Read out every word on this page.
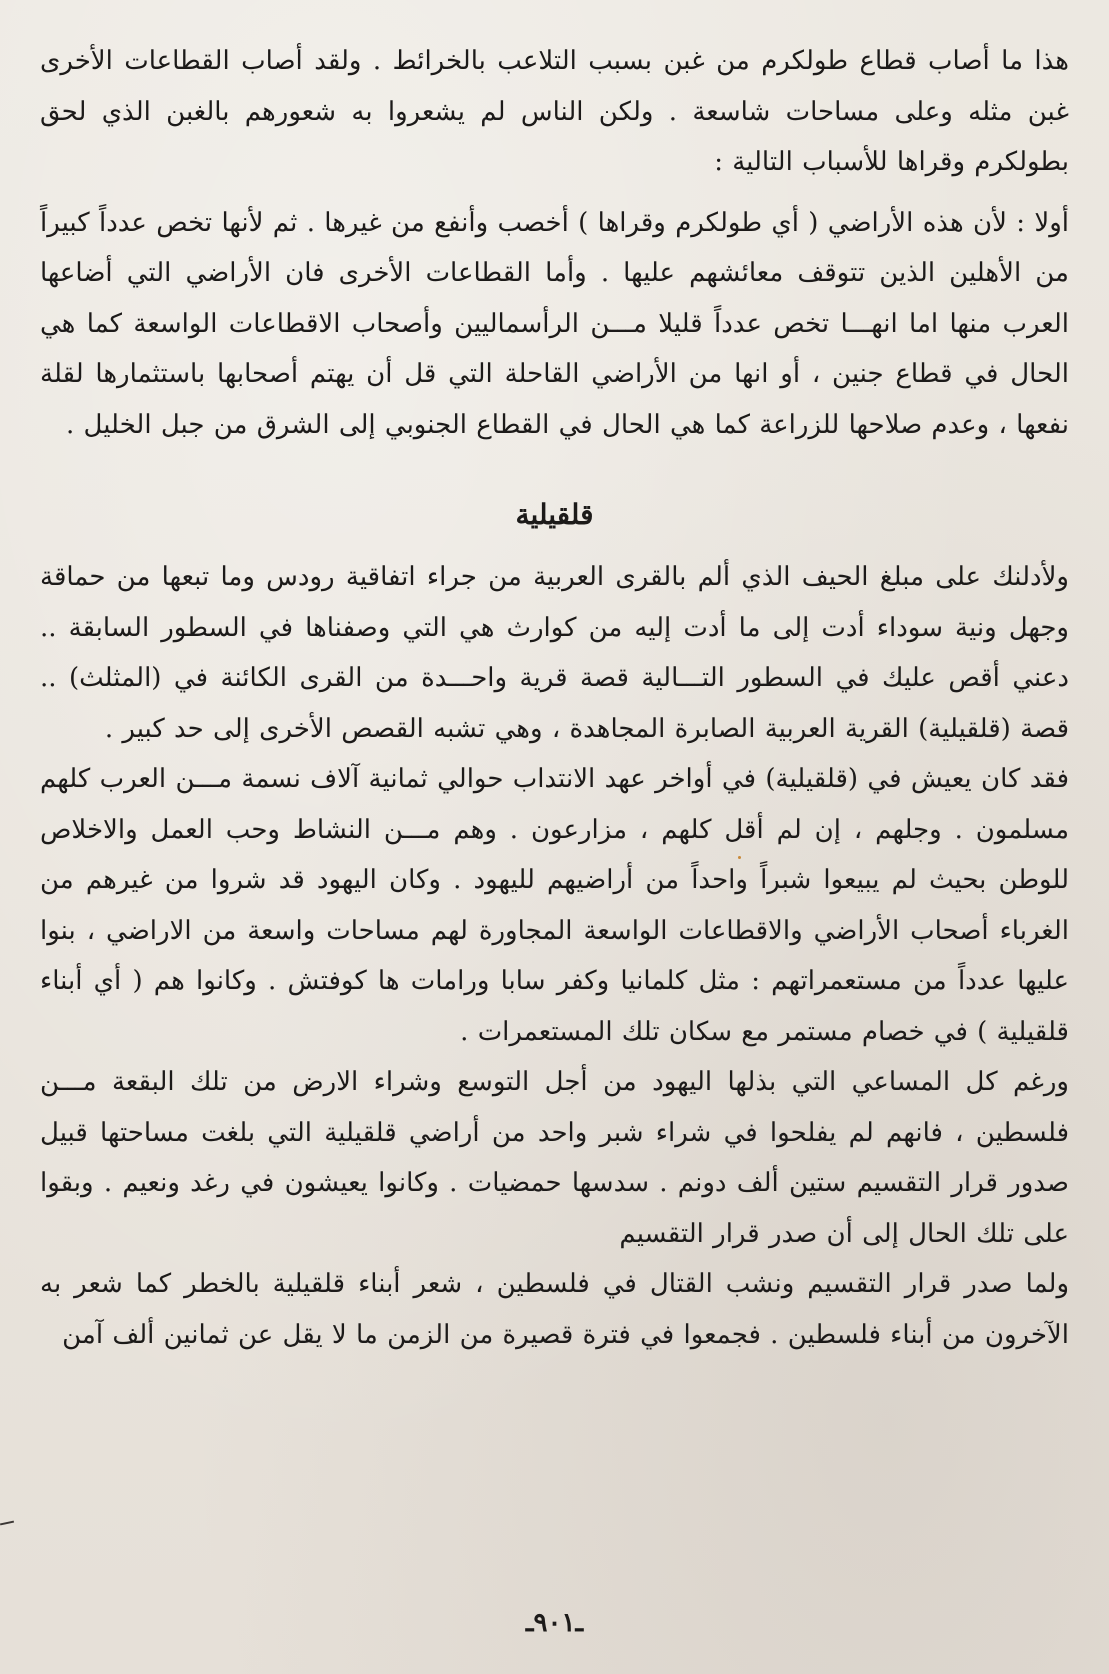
هذا ما أصاب قطاع طولكرم من غبن بسبب التلاعب بالخرائط . ولقد أصاب القطاعات الأخرى غبن مثله وعلى مساحات شاسعة . ولكن الناس لم يشعروا به شعورهم بالغبن الذي لحق بطولكرم وقراها للأسباب التالية :

أولا : لأن هذه الأراضي ( أي طولكرم وقراها ) أخصب وأنفع من غيرها . ثم لأنها تخص عدداً كبيراً من الأهلين الذين تتوقف معائشهم عليها . وأما القطاعات الأخرى فان الأراضي التي أضاعها العرب منها اما انهـــا تخص عدداً قليلا مـــن الرأسماليين وأصحاب الاقطاعات الواسعة كما هي الحال في قطاع جنين ، أو انها من الأراضي القاحلة التي قل أن يهتم أصحابها باستثمارها لقلة نفعها ، وعدم صلاحها للزراعة كما هي الحال في القطاع الجنوبي إلى الشرق من جبل الخليل .

قلقيلية

ولأدلنك على مبلغ الحيف الذي ألم بالقرى العربية من جراء اتفاقية رودس وما تبعها من حماقة وجهل ونية سوداء أدت إلى ما أدت إليه من كوارث هي التي وصفناها في السطور السابقة .. دعني أقص عليك في السطور التـــالية قصة قرية واحـــدة من القرى الكائنة في (المثلث) .. قصة (قلقيلية) القرية العربية الصابرة المجاهدة ، وهي تشبه القصص الأخرى إلى حد كبير .

فقد كان يعيش في (قلقيلية) في أواخر عهد الانتداب حوالي ثمانية آلاف نسمة مـــن العرب كلهم مسلمون . وجلهم ، إن لم أقل كلهم ، مزارعون . وهم مـــن النشاط وحب العمل والاخلاص للوطن بحيث لم يبيعوا شبراً واحداً من أراضيهم لليهود . وكان اليهود قد شروا من غيرهم من الغرباء أصحاب الأراضي والاقطاعات الواسعة المجاورة لهم مساحات واسعة من الاراضي ، بنوا عليها عدداً من مستعمراتهم : مثل كلمانيا وكفر سابا ورامات ها كوفتش . وكانوا هم ( أي أبناء قلقيلية ) في خصام مستمر مع سكان تلك المستعمرات .

ورغم كل المساعي التي بذلها اليهود من أجل التوسع وشراء الارض من تلك البقعة مـــن فلسطين ، فانهم لم يفلحوا في شراء شبر واحد من أراضي قلقيلية التي بلغت مساحتها قبيل صدور قرار التقسيم ستين ألف دونم . سدسها حمضيات . وكانوا يعيشون في رغد ونعيم . وبقوا على تلك الحال إلى أن صدر قرار التقسيم

ولما صدر قرار التقسيم ونشب القتال في فلسطين ، شعر أبناء قلقيلية بالخطر كما شعر به الآخرون من أبناء فلسطين . فجمعوا في فترة قصيرة من الزمن ما لا يقل عن ثمانين ألف آمن

ـ٩٠١ـ
